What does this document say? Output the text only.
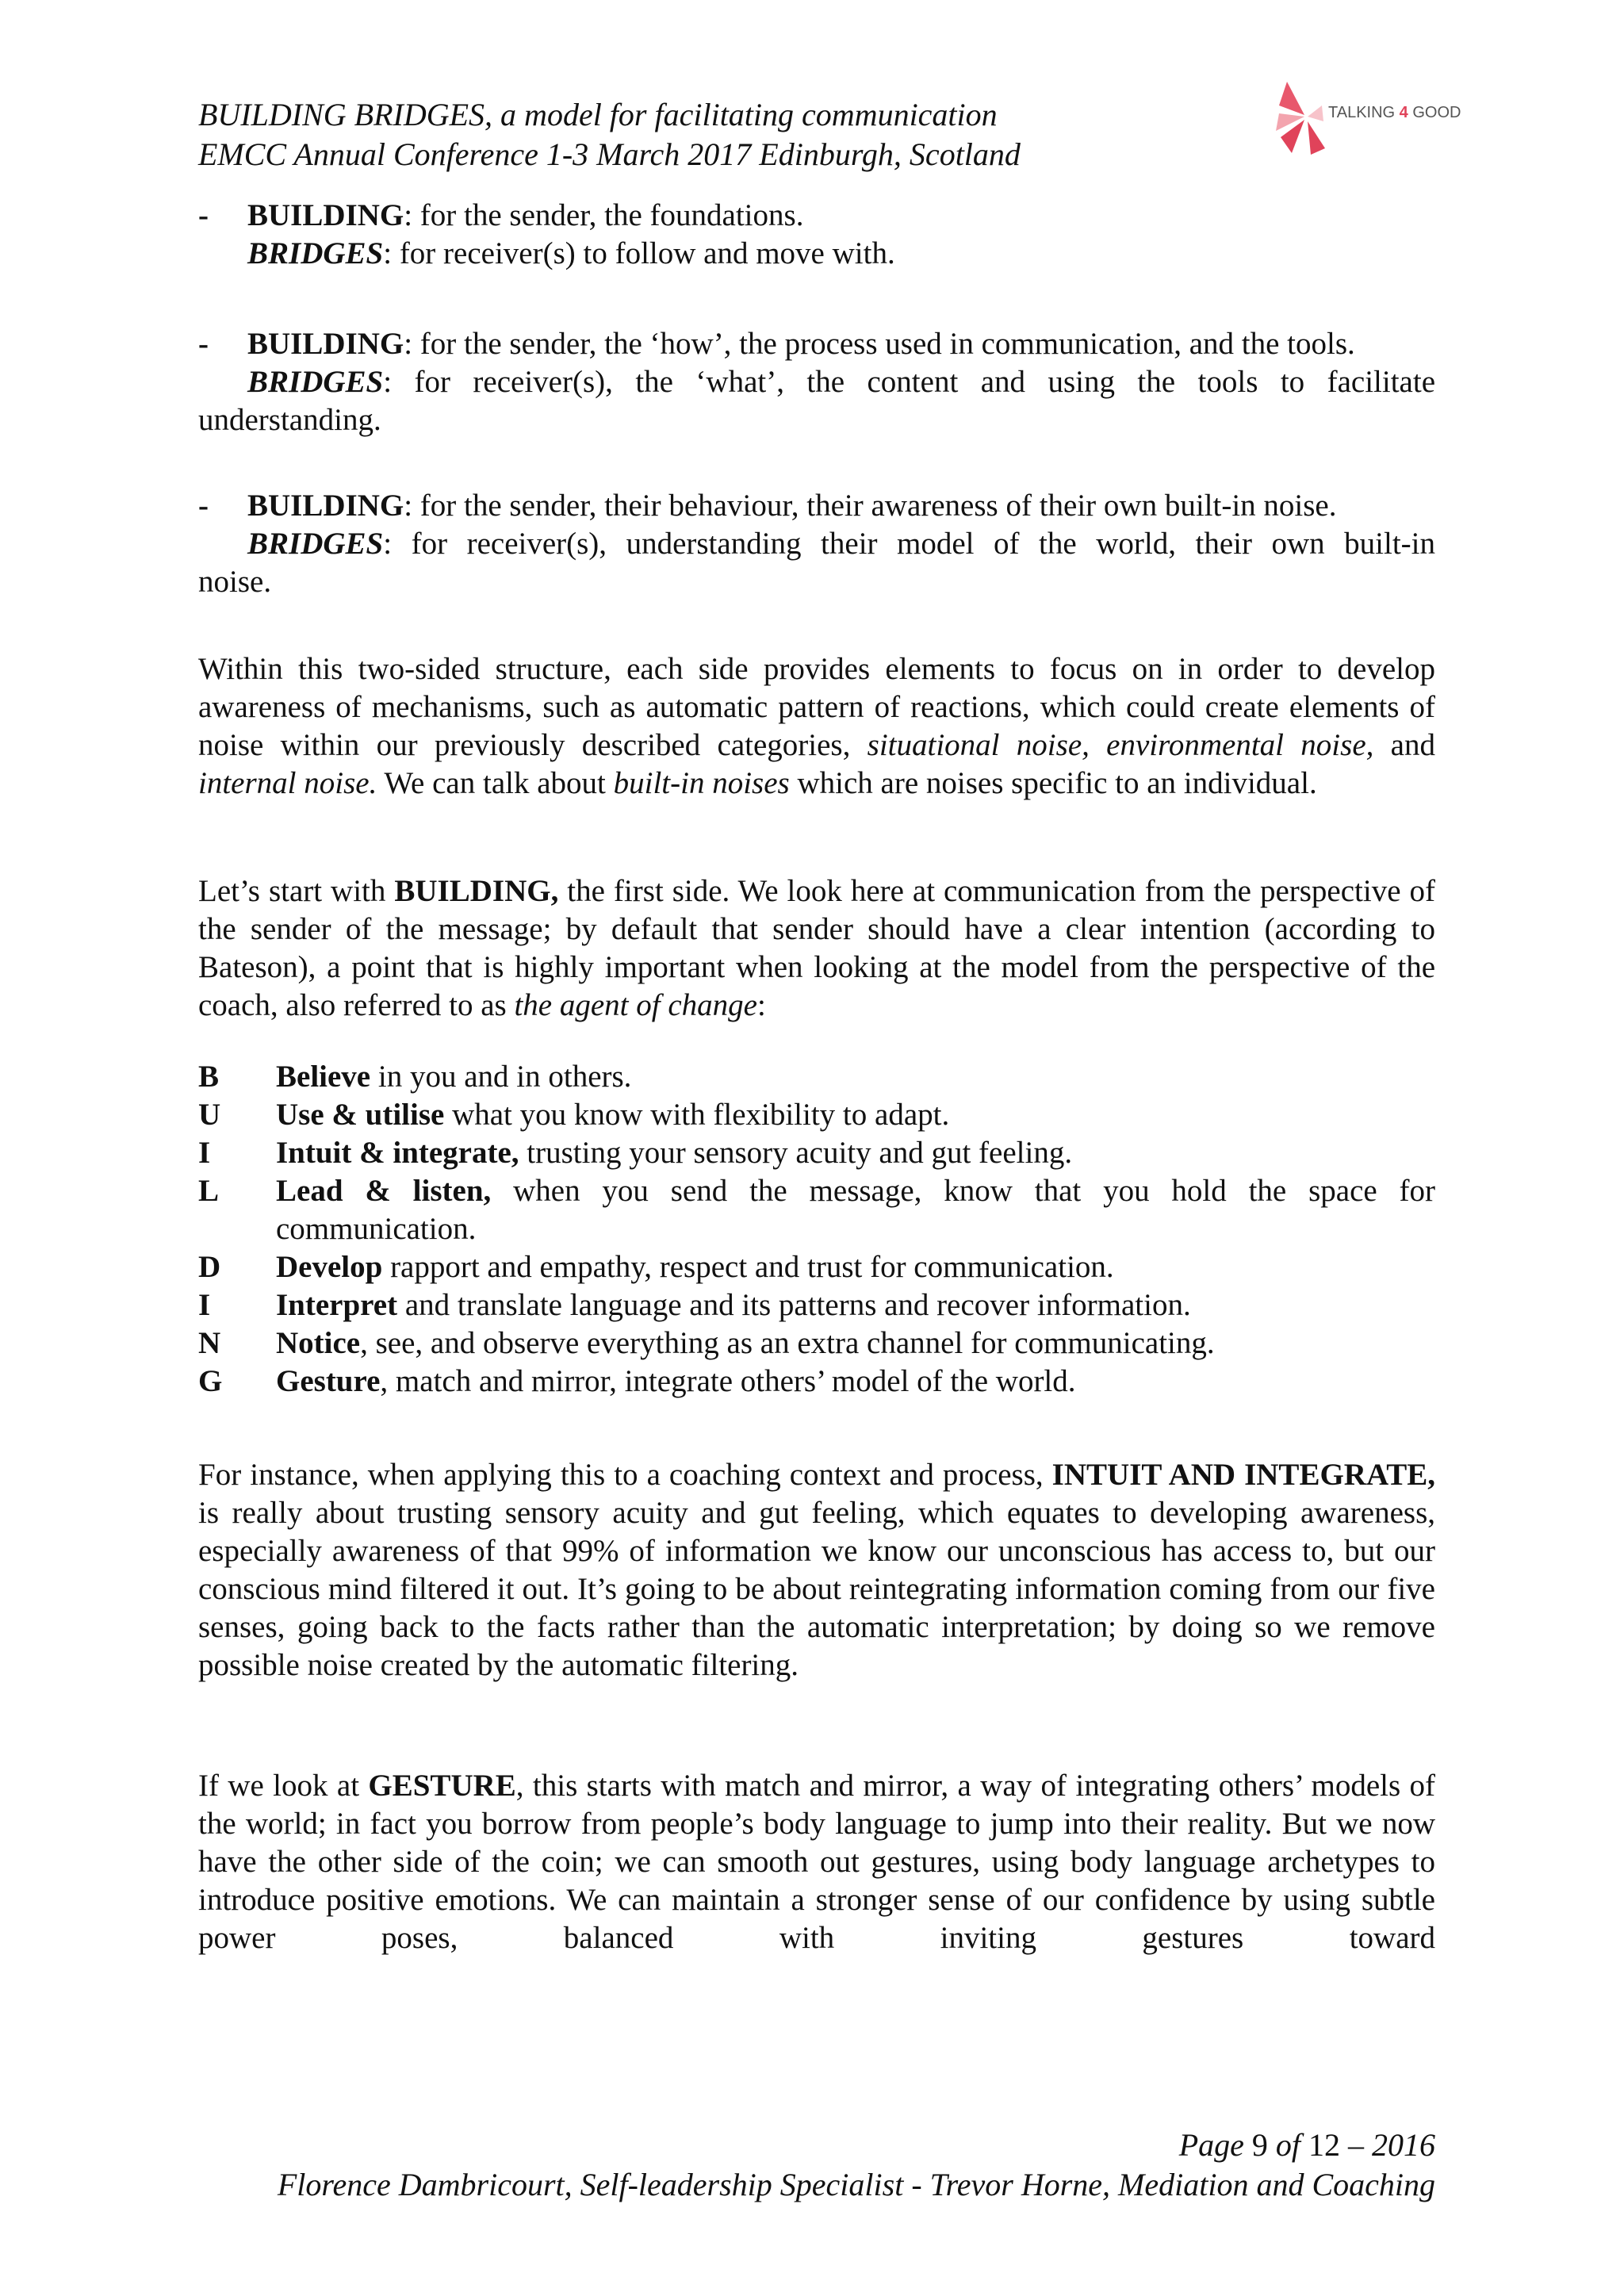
BUILDING BRIDGES, a model for facilitating communication
EMCC Annual Conference 1-3 March 2017 Edinburgh, Scotland
TALKING 4 GOOD
- BUILDING: for the sender, the foundations.
BRIDGES: for receiver(s) to follow and move with.
- BUILDING: for the sender, the ‘how’, the process used in communication, and the tools.
BRIDGES: for receiver(s), the ‘what’, the content and using the tools to facilitate
understanding.
- BUILDING: for the sender, their behaviour, their awareness of their own built-in noise.
BRIDGES: for receiver(s), understanding their model of the world, their own built-in
noise.

Within this two-sided structure, each side provides elements to focus on in order to develop awareness of mechanisms, such as automatic pattern of reactions, which could create elements of noise within our previously described categories, situational noise, environmental noise, and internal noise. We can talk about built-in noises which are noises specific to an individual.

Let’s start with BUILDING, the first side. We look here at communication from the perspective of the sender of the message; by default that sender should have a clear intention (according to Bateson), a point that is highly important when looking at the model from the perspective of the coach, also referred to as the agent of change:

B Believe in you and in others.
U Use & utilise what you know with flexibility to adapt.
I Intuit & integrate, trusting your sensory acuity and gut feeling.
L Lead & listen, when you send the message, know that you hold the space for communication.
D Develop rapport and empathy, respect and trust for communication.
I Interpret and translate language and its patterns and recover information.
N Notice, see, and observe everything as an extra channel for communicating.
G Gesture, match and mirror, integrate others’ model of the world.

For instance, when applying this to a coaching context and process, INTUIT AND INTEGRATE, is really about trusting sensory acuity and gut feeling, which equates to developing awareness, especially awareness of that 99% of information we know our unconscious has access to, but our conscious mind filtered it out. It’s going to be about reintegrating information coming from our five senses, going back to the facts rather than the automatic interpretation; by doing so we remove possible noise created by the automatic filtering.

If we look at GESTURE, this starts with match and mirror, a way of integrating others’ models of the world; in fact you borrow from people’s body language to jump into their reality. But we now have the other side of the coin; we can smooth out gestures, using body language archetypes to introduce positive emotions. We can maintain a stronger sense of our confidence by using subtle power poses, balanced with inviting gestures toward

Page 9 of 12 – 2016
Florence Dambricourt, Self-leadership Specialist - Trevor Horne, Mediation and Coaching
